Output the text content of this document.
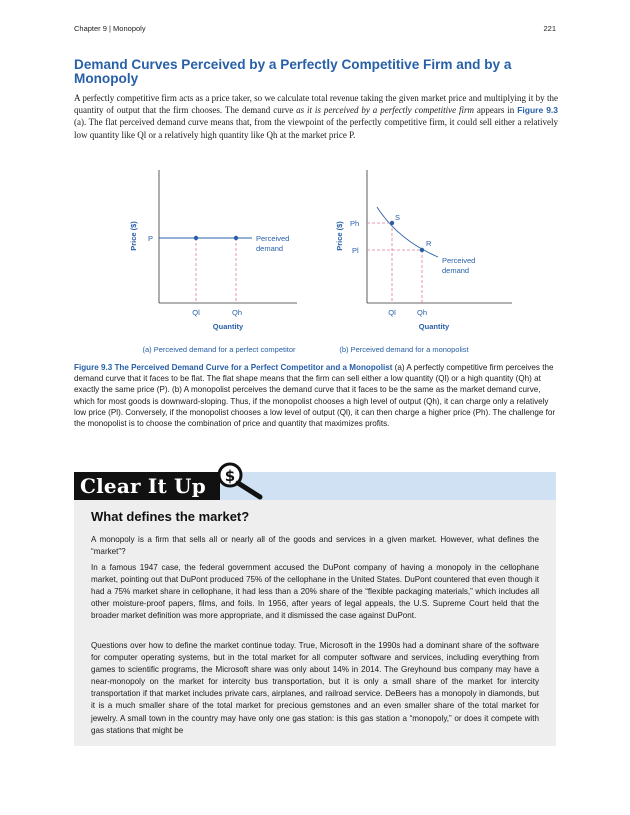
Chapter 9 | Monopoly	221
Demand Curves Perceived by a Perfectly Competitive Firm and by a Monopoly

A perfectly competitive firm acts as a price taker, so we calculate total revenue taking the given market price and multiplying it by the quantity of output that the firm chooses. The demand curve as it is perceived by a perfectly competitive firm appears in Figure 9.3 (a). The flat perceived demand curve means that, from the viewpoint of the perfectly competitive firm, it could sell either a relatively low quantity like Ql or a relatively high quantity like Qh at the market price P.

Price ($) P	Perceived
demand
Ql	Qh
Quantity
(a) Perceived demand for a perfect competitor
Price ($) Ph
Pl
S
R
Perceived
demand
Ql	Qh
Quantity
(b) Perceived demand for a monopolist

Figure 9.3 The Perceived Demand Curve for a Perfect Competitor and a Monopolist (a) A perfectly competitive firm perceives the demand curve that it faces to be flat. The flat shape means that the firm can sell either a low quantity (Ql) or a high quantity (Qh) at exactly the same price (P). (b) A monopolist perceives the demand curve that it faces to be the same as the market demand curve, which for most goods is downward-sloping. Thus, if the monopolist chooses a high level of output (Qh), it can charge only a relatively low price (Pl). Conversely, if the monopolist chooses a low level of output (Ql), it can then charge a higher price (Ph). The challenge for the monopolist is to choose the combination of price and quantity that maximizes profits.

Clear It Up	$
What defines the market?

A monopoly is a firm that sells all or nearly all of the goods and services in a given market. However, what defines the “market”?

In a famous 1947 case, the federal government accused the DuPont company of having a monopoly in the cellophane market, pointing out that DuPont produced 75% of the cellophane in the United States. DuPont countered that even though it had a 75% market share in cellophane, it had less than a 20% share of the “flexible packaging materials,” which includes all other moisture-proof papers, films, and foils. In 1956, after years of legal appeals, the U.S. Supreme Court held that the broader market definition was more appropriate, and it dismissed the case against DuPont.

Questions over how to define the market continue today. True, Microsoft in the 1990s had a dominant share of the software for computer operating systems, but in the total market for all computer software and services, including everything from games to scientific programs, the Microsoft share was only about 14% in 2014. The Greyhound bus company may have a near-monopoly on the market for intercity bus transportation, but it is only a small share of the market for intercity transportation if that market includes private cars, airplanes, and railroad service. DeBeers has a monopoly in diamonds, but it is a much smaller share of the total market for precious gemstones and an even smaller share of the total market for jewelry. A small town in the country may have only one gas station: is this gas station a “monopoly,” or does it compete with gas stations that might be
